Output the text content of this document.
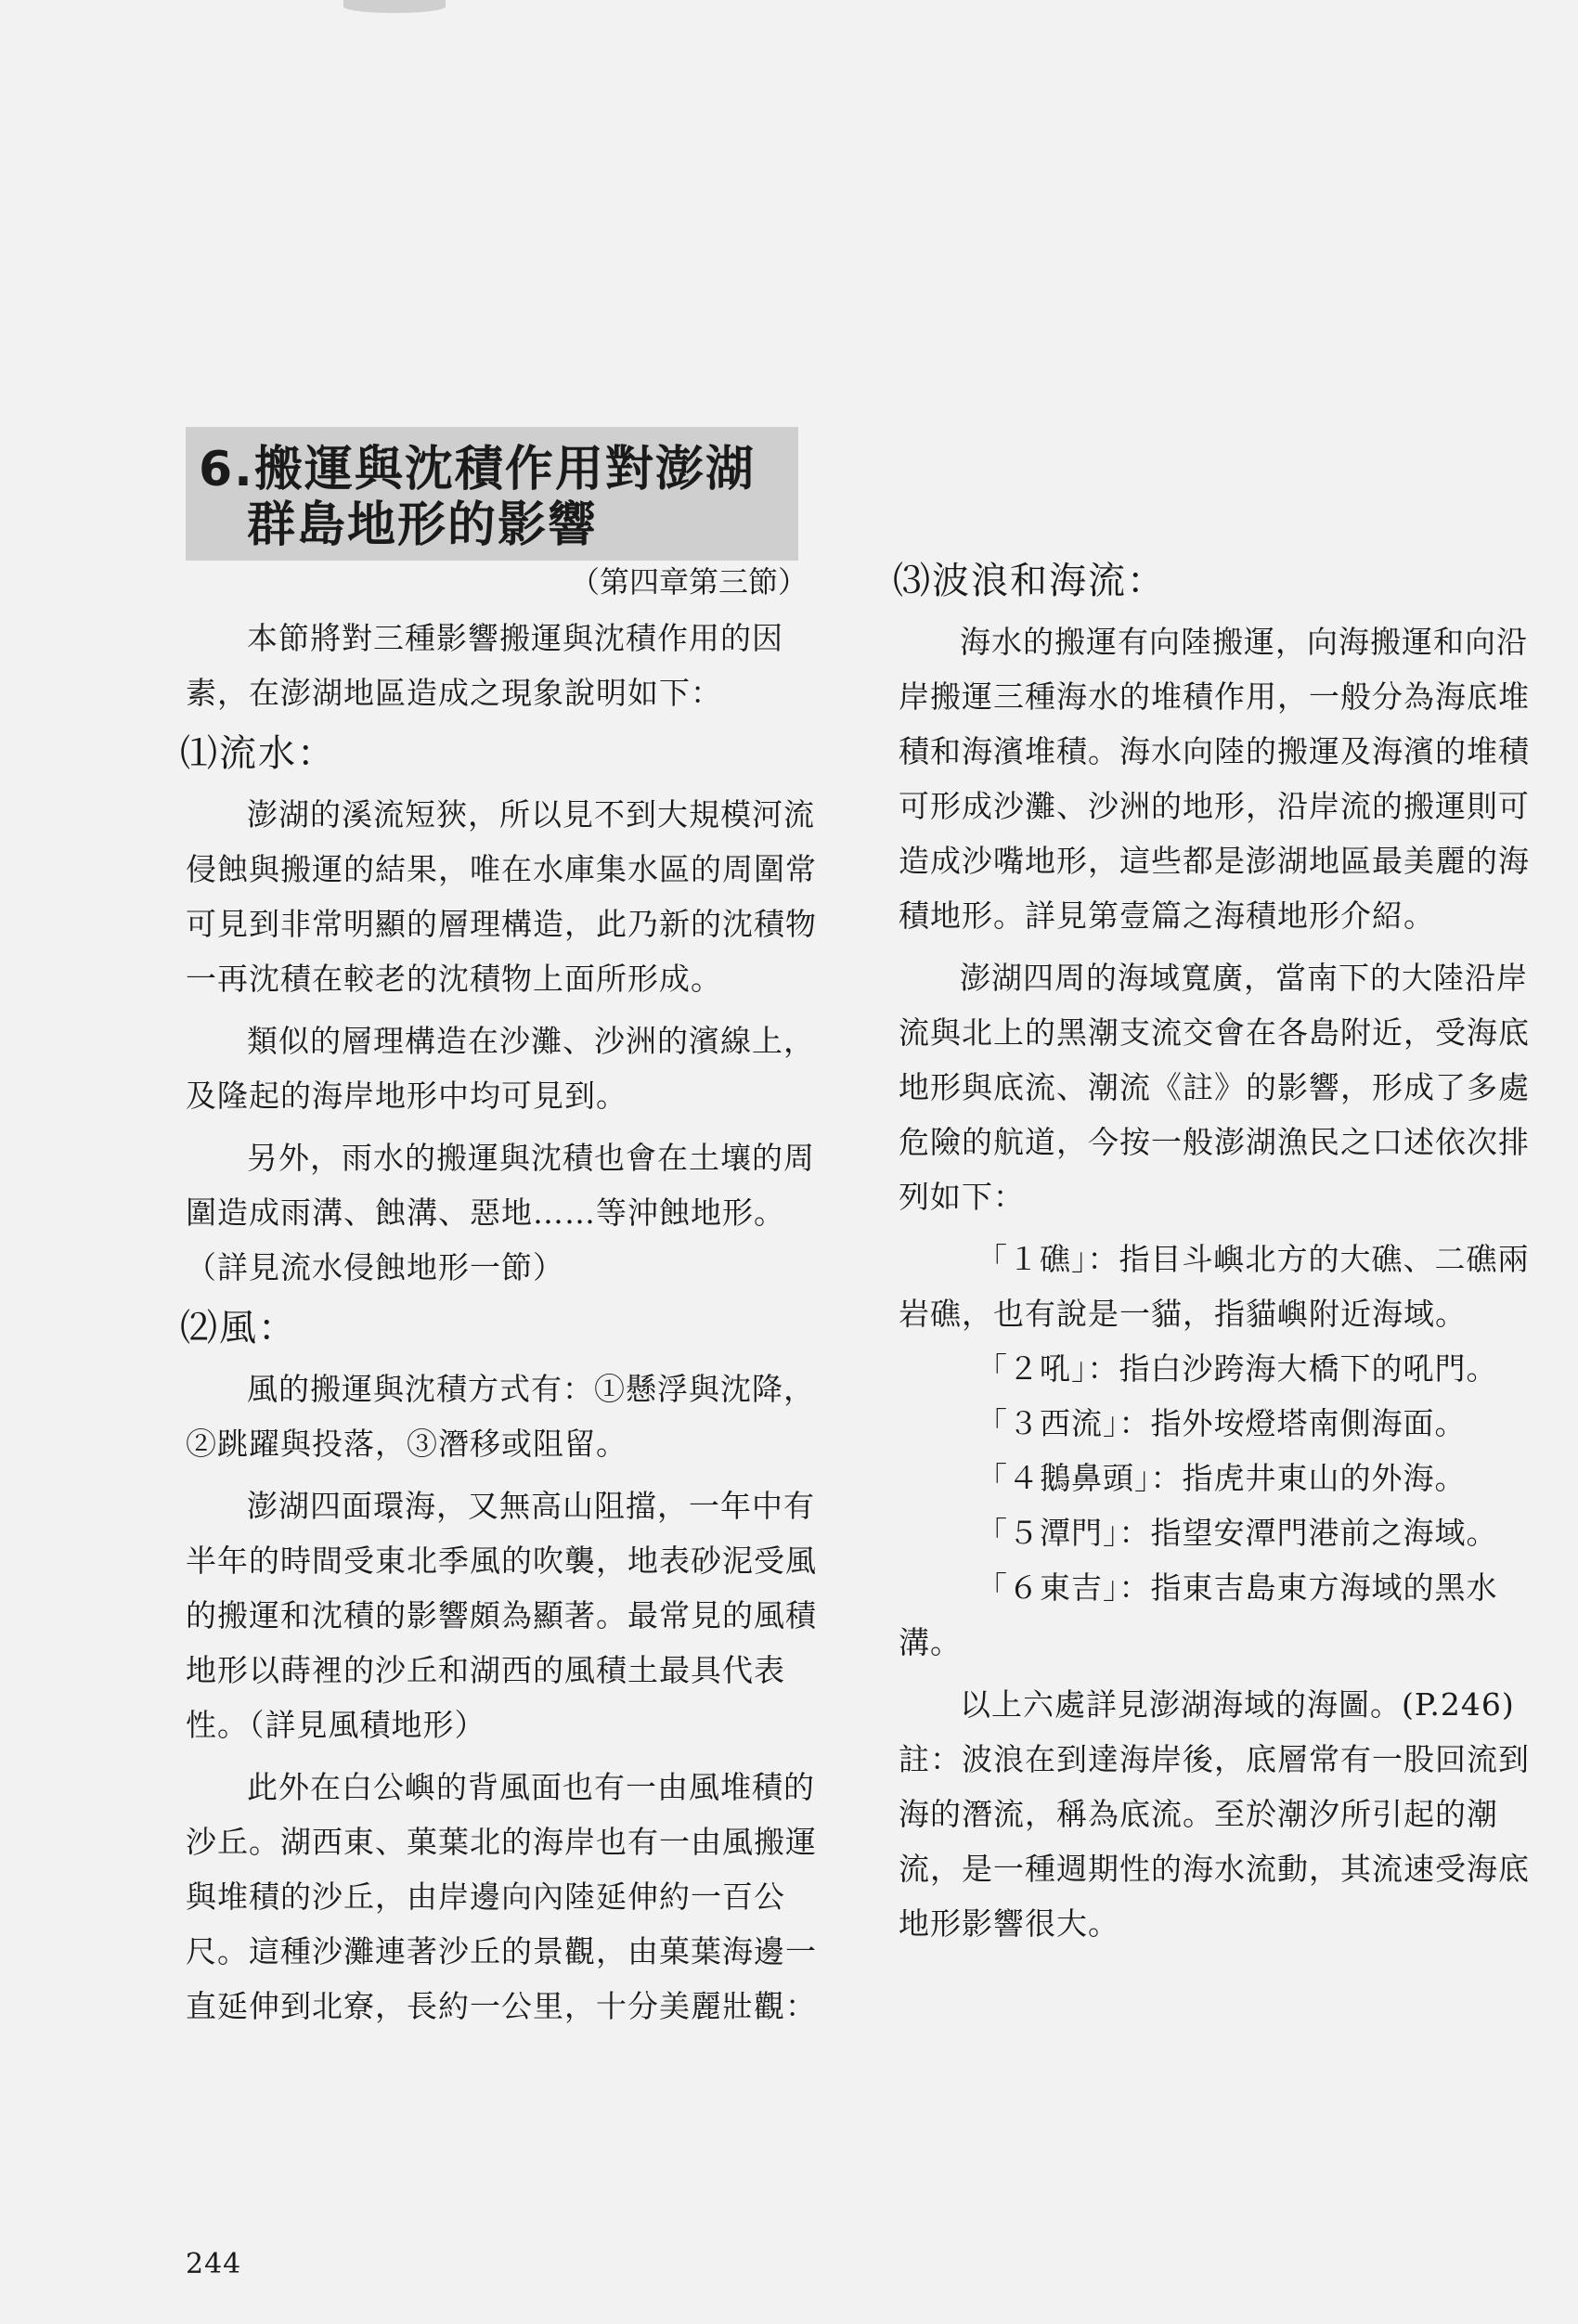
6.搬運與沈積作用對澎湖
群島地形的影響
（第四章第三節）

本節將對三種影響搬運與沈積作用的因素，在澎湖地區造成之現象說明如下：

⑴流水：

澎湖的溪流短狹，所以見不到大規模河流侵蝕與搬運的結果，唯在水庫集水區的周圍常可見到非常明顯的層理構造，此乃新的沈積物一再沈積在較老的沈積物上面所形成。

類似的層理構造在沙灘、沙洲的濱線上，及隆起的海岸地形中均可見到。

另外，雨水的搬運與沈積也會在土壤的周圍造成雨溝、蝕溝、惡地……等沖蝕地形。（詳見流水侵蝕地形一節）

⑵風：

風的搬運與沈積方式有：①懸浮與沈降，②跳躍與投落，③潛移或阻留。

澎湖四面環海，又無高山阻擋，一年中有半年的時間受東北季風的吹襲，地表砂泥受風的搬運和沈積的影響頗為顯著。最常見的風積地形以蒔裡的沙丘和湖西的風積土最具代表性。（詳見風積地形）

此外在白公嶼的背風面也有一由風堆積的沙丘。湖西東、菓葉北的海岸也有一由風搬運與堆積的沙丘，由岸邊向內陸延伸約一百公尺。這種沙灘連著沙丘的景觀，由菓葉海邊一直延伸到北寮，長約一公里，十分美麗壯觀：

⑶波浪和海流：

海水的搬運有向陸搬運，向海搬運和向沿岸搬運三種海水的堆積作用，一般分為海底堆積和海濱堆積。海水向陸的搬運及海濱的堆積可形成沙灘、沙洲的地形，沿岸流的搬運則可造成沙嘴地形，這些都是澎湖地區最美麗的海積地形。詳見第壹篇之海積地形介紹。

澎湖四周的海域寬廣，當南下的大陸沿岸流與北上的黑潮支流交會在各島附近，受海底地形與底流、潮流《註》的影響，形成了多處危險的航道，今按一般澎湖漁民之口述依次排列如下：

「１礁」：指目斗嶼北方的大礁、二礁兩岩礁，也有說是一貓，指貓嶼附近海域。
「２吼」：指白沙跨海大橋下的吼門。
「３西流」：指外垵燈塔南側海面。
「４鵝鼻頭」：指虎井東山的外海。
「５潭門」：指望安潭門港前之海域。
「６東吉」：指東吉島東方海域的黑水溝。

以上六處詳見澎湖海域的海圖。(P.246)

註：波浪在到達海岸後，底層常有一股回流到海的潛流，稱為底流。至於潮汐所引起的潮流，是一種週期性的海水流動，其流速受海底地形影響很大。

244
